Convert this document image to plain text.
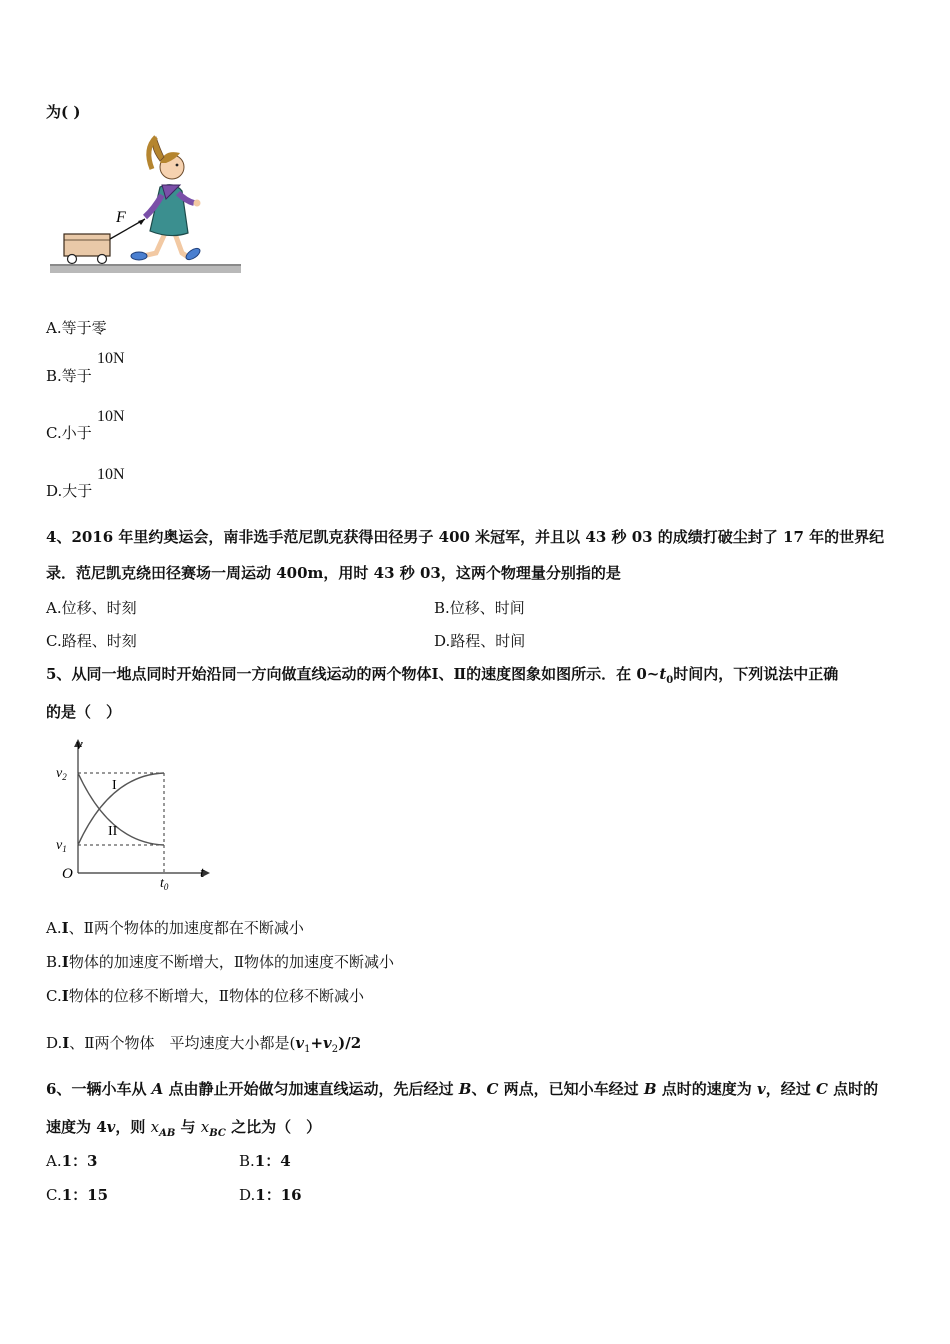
为( )
F
A.等于零
B.等于
10N
C.小于
10N
D.大于
10N
4、2016 年里约奥运会，南非选手范尼凯克获得田径男子 400 米冠军，并且以 43 秒 03 的成绩打破尘封了 17 年的世界纪
录．范尼凯克绕田径赛场一周运动 400m，用时 43 秒 03，这两个物理量分别指的是
A.位移、时刻	B.位移、时间
C.路程、时刻	D.路程、时间
5、从同一地点同时开始沿同一方向做直线运动的两个物体Ⅰ、Ⅱ的速度图象如图所示．在 $0\sim t_0$时间内，下列说法中正确
的是（　）
v
t
O
$v_2$
$v_1$
$t_0$
I
II
A.I、Ⅱ两个物体的加速度都在不断减小
B.I物体的加速度不断增大，Ⅱ物体的加速度不断减小
C.I物体的位移不断增大，Ⅱ物体的位移不断减小
D.I、Ⅱ两个物体　平均速度大小都是$(v_1+v_2)/2$
6、一辆小车从 A 点由静止开始做匀加速直线运动，先后经过 B、C 两点，已知小车经过 B 点时的速度为 v，经过 C 点时的
速度为 4v，则 $x_{AB}$ 与 $x_{BC}$ 之比为（　）
A.1：3	B.1：4
C.1：15	D.1：16
